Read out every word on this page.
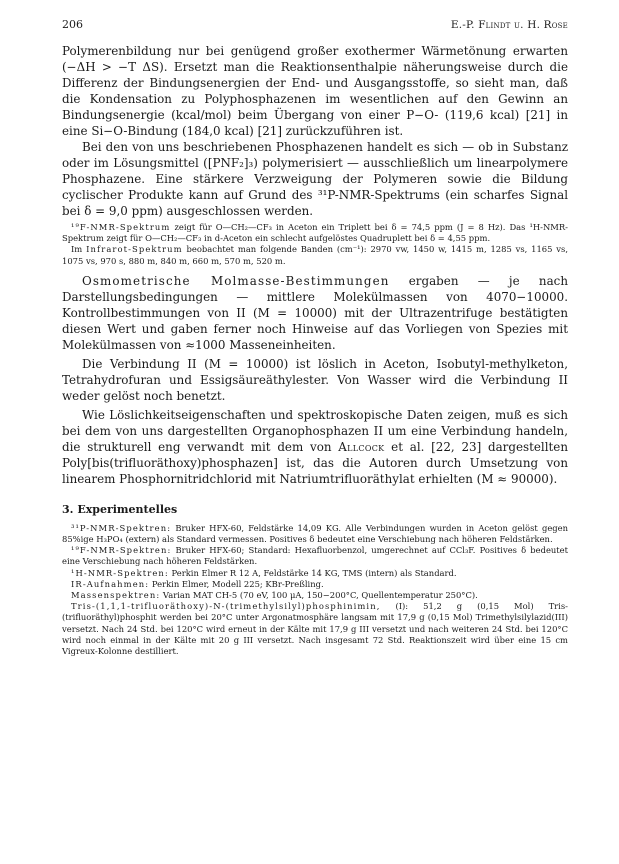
206	E.-P. Flindt u. H. Rose

Polymerenbildung nur bei genügend großer exothermer Wärmetönung erwarten (−ΔH > −T ΔS). Ersetzt man die Reaktionsenthalpie näherungsweise durch die Differenz der Bindungsenergien der End- und Ausgangsstoffe, so sieht man, daß die Kondensation zu Polyphosphazenen im wesentlichen auf den Gewinn an Bindungsenergie (kcal/mol) beim Übergang von einer P−O- (119,6 kcal) [21] in eine Si−O-Bindung (184,0 kcal) [21] zurückzuführen ist.

Bei den von uns beschriebenen Phosphazenen handelt es sich — ob in Substanz oder im Lösungsmittel ([PNF₂]₃) polymerisiert — ausschließlich um linearpolymere Phosphazene. Eine stärkere Verzweigung der Polymeren sowie die Bildung cyclischer Produkte kann auf Grund des ³¹P-NMR-Spektrums (ein scharfes Signal bei δ = 9,0 ppm) ausgeschlossen werden.

¹⁹F-NMR-Spektrum zeigt für O—CH₂—CF₃ in Aceton ein Triplett bei δ = 74,5 ppm (J = 8 Hz). Das ¹H-NMR-Spektrum zeigt für O—CH₂—CF₃ in d-Aceton ein schlecht aufgelöstes Quadruplett bei δ = 4,55 ppm.

Im Infrarot-Spektrum beobachtet man folgende Banden (cm⁻¹): 2970 vw, 1450 w, 1415 m, 1285 vs, 1165 vs, 1075 vs, 970 s, 880 m, 840 m, 660 m, 570 m, 520 m.

Osmometrische Molmasse-Bestimmungen ergaben — je nach Darstellungsbedingungen — mittlere Molekülmassen von 4070−10000. Kontrollbestimmungen von II (M = 10000) mit der Ultrazentrifuge bestätigten diesen Wert und gaben ferner noch Hinweise auf das Vorliegen von Spezies mit Molekülmassen von ≈1000 Masseneinheiten.

Die Verbindung II (M = 10000) ist löslich in Aceton, Isobutyl-methylketon, Tetrahydrofuran und Essigsäureäthylester. Von Wasser wird die Verbindung II weder gelöst noch benetzt.

Wie Löslichkeitseigenschaften und spektroskopische Daten zeigen, muß es sich bei dem von uns dargestellten Organophosphazen II um eine Verbindung handeln, die strukturell eng verwandt mit dem von Allcock et al. [22, 23] dargestellten Poly[bis(trifluoräthoxy)phosphazen] ist, das die Autoren durch Umsetzung von linearem Phosphornitridchlorid mit Natriumtrifluoräthylat erhielten (M ≈ 90000).

3. Experimentelles

³¹P-NMR-Spektren: Bruker HFX-60, Feldstärke 14,09 KG. Alle Verbindungen wurden in Aceton gelöst gegen 85%ige H₃PO₄ (extern) als Standard vermessen. Positives δ bedeutet eine Verschiebung nach höheren Feldstärken.

¹⁹F-NMR-Spektren: Bruker HFX-60; Standard: Hexafluorbenzol, umgerechnet auf CCl₃F. Positives δ bedeutet eine Verschiebung nach höheren Feldstärken.

¹H-NMR-Spektren: Perkin Elmer R 12 A, Feldstärke 14 KG, TMS (intern) als Standard.

IR-Aufnahmen: Perkin Elmer, Modell 225; KBr-Preßling.

Massenspektren: Varian MAT CH-5 (70 eV, 100 μA, 150−200°C, Quellentemperatur 250°C).

Tris-(1,1,1-trifluoräthoxy)-N-(trimethylsilyl)phosphinimin, (I): 51,2 g (0,15 Mol) Tris-(trifluoräthyl)phosphit werden bei 20°C unter Argonatmosphäre langsam mit 17,9 g (0,15 Mol) Trimethylsilylazid(III) versetzt. Nach 24 Std. bei 120°C wird erneut in der Kälte mit 17,9 g III versetzt und nach weiteren 24 Std. bei 120°C wird noch einmal in der Kälte mit 20 g III versetzt. Nach insgesamt 72 Std. Reaktionszeit wird über eine 15 cm Vigreux-Kolonne destilliert.
